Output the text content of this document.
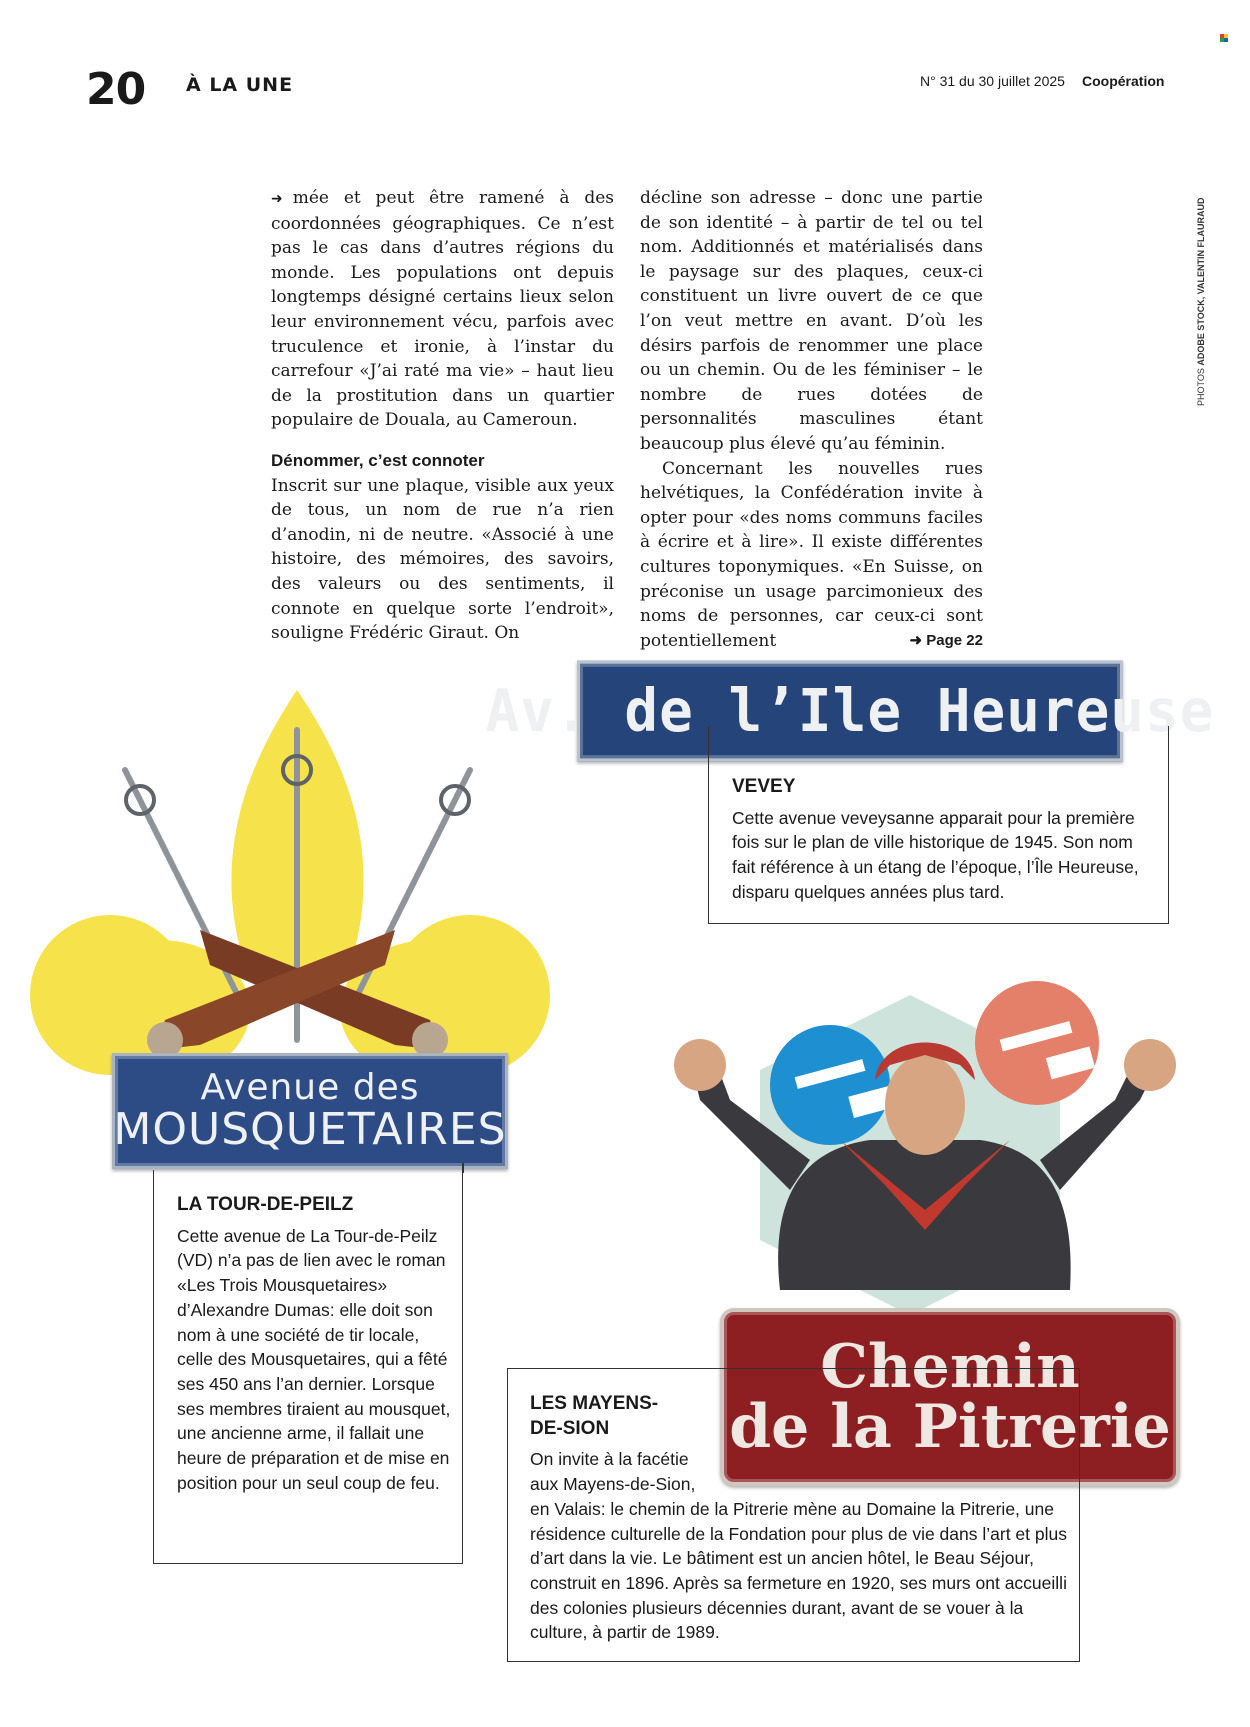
20 À LA UNE	N° 31 du 30 juillet 2025 Coopération
PHOTOS ADOBE STOCK, VALENTIN FLAURAUD

➜ mée et peut être ramené à des coordonnées géographiques. Ce n’est pas le cas dans d’autres régions du monde. Les populations ont depuis longtemps désigné certains lieux selon leur environnement vécu, parfois avec truculence et ironie, à l’instar du carrefour «J’ai raté ma vie» – haut lieu de la prostitution dans un quartier populaire de Douala, au Cameroun.

Dénommer, c’est connoter

Inscrit sur une plaque, visible aux yeux de tous, un nom de rue n’a rien d’anodin, ni de neutre. «Associé à une histoire, des mémoires, des savoirs, des valeurs ou des sentiments, il connote en quelque sorte l’endroit», souligne Frédéric Giraut. On

décline son adresse – donc une partie de son identité – à partir de tel ou tel nom. Additionnés et matérialisés dans le paysage sur des plaques, ceux-ci constituent un livre ouvert de ce que l’on veut mettre en avant. D’où les désirs parfois de renommer une place ou un chemin. Ou de les féminiser – le nombre de rues dotées de personnalités masculines étant beaucoup plus élevé qu’au féminin.

Concernant les nouvelles rues helvétiques, la Confédération invite à opter pour «des noms communs faciles à écrire et à lire». Il existe différentes cultures toponymiques. «En Suisse, on préconise un usage parcimonieux des noms de personnes, car ceux-ci sont potentiellement	➜ Page 22

Av. de l’Ile Heureuse
Avenue des
MOUSQUETAIRES
Chemin
de la Pitrerie
VEVEY
Cette avenue veveysanne apparait pour la première fois sur le plan de ville historique de 1945. Son nom fait référence à un étang de l’époque, l’Île Heureuse, disparu quelques années plus tard.
LA TOUR-DE-PEILZ
Cette avenue de La Tour-de-Peilz (VD) n’a pas de lien avec le roman «Les Trois Mousquetaires» d’Alexandre Dumas: elle doit son nom à une société de tir locale, celle des Mousquetaires, qui a fêté ses 450 ans l’an dernier. Lorsque ses membres tiraient au mousquet, une ancienne arme, il fallait une heure de préparation et de mise en position pour un seul coup de feu.
LES MAYENS-
DE-SION
On invite à la facétie aux Mayens-de-Sion,
en Valais: le chemin de la Pitrerie mène au Domaine la Pitrerie, une résidence culturelle de la Fondation pour plus de vie dans l’art et plus d’art dans la vie. Le bâtiment est un ancien hôtel, le Beau Séjour, construit en 1896. Après sa fermeture en 1920, ses murs ont accueilli des colonies plusieurs décennies durant, avant de se vouer à la culture, à partir de 1989.
